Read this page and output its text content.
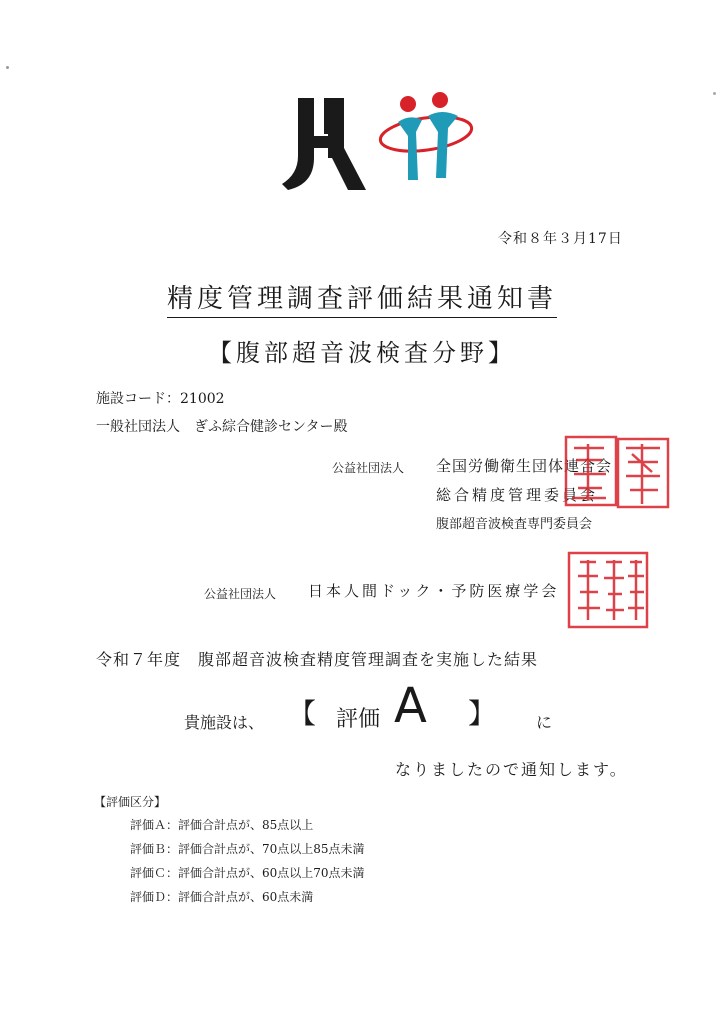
令和８年３月17日
精度管理調査評価結果通知書
【腹部超音波検査分野】
施設コード：21002
一般社団法人　ぎふ綜合健診センター殿
公益社団法人 全国労働衛生団体連合会
総合精度管理委員会
腹部超音波検査専門委員会
公益社団法人 日本人間ドック・予防医療学会
令和７年度　腹部超音波検査精度管理調査を実施した結果
貴施設は、 【 評価 A 】 に
なりましたので通知します。
【評価区分】
評価Ａ：評価合計点が、85点以上
評価Ｂ：評価合計点が、70点以上85点未満
評価Ｃ：評価合計点が、60点以上70点未満
評価Ｄ：評価合計点が、60点未満
